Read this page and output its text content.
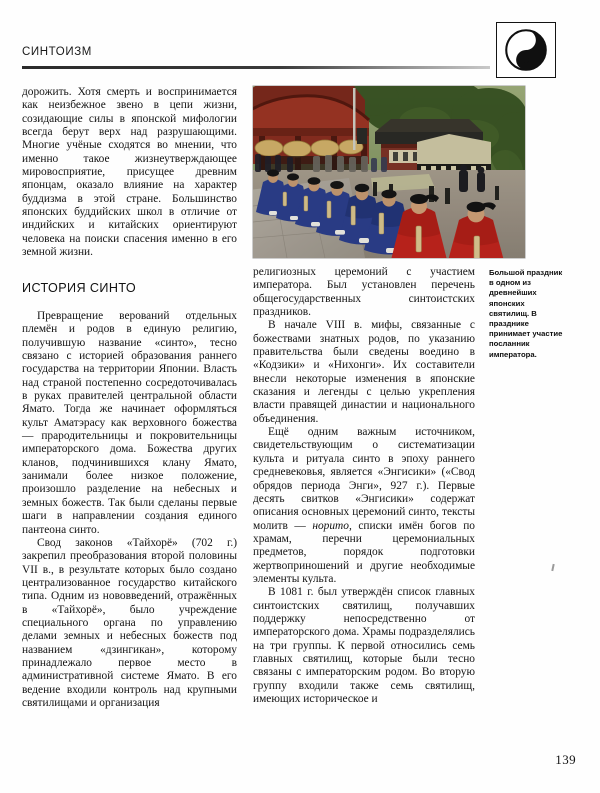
СИНТОИЗМ
Большой праздник в одном из древнейших японских святилищ. В празднике принимает участие посланник императора.

дорожить. Хотя смерть и воспринимается как неизбежное звено в цепи жизни, созидающие силы в японской мифологии всегда берут верх над разрушающими. Многие учёные сходятся во мнении, что именно такое жизнеутверждающее мировосприятие, присущее древним японцам, оказало влияние на характер буддизма в этой стране. Большинство японских буддийских школ в отличие от индийских и китайских ориентируют человека на поиски спасения именно в его земной жизни.

ИСТОРИЯ СИНТО

Превращение верований отдельных племён и родов в единую религию, получившую название «синто», тесно связано с историей образования раннего государства на территории Японии. Власть над страной постепенно сосредоточивалась в руках правителей центральной области Ямато. Тогда же начинает оформляться культ Аматэрасу как верховного божества — прародительницы и покровительницы императорского дома. Божества других кланов, подчинившихся клану Ямато, занимали более низкое положение, произошло разделение на небесных и земных божеств. Так были сделаны первые шаги в направлении создания единого пантеона синто.

Свод законов «Тайхорё» (702 г.) закрепил преобразования второй половины VII в., в результате которых было создано централизованное государство китайского типа. Одним из нововведений, отражённых в «Тайхорё», было учреждение специального органа по управлению делами земных и небесных божеств под названием «дзингикан», которому принадлежало первое место в административной системе Ямато. В его ведение входили контроль над крупными святилищами и организация

религиозных церемоний с участием императора. Был установлен перечень общегосударственных синтоистских праздников.

В начале VIII в. мифы, связанные с божествами знатных родов, по указанию правительства были сведены воедино в «Кодзики» и «Нихонги». Их составители внесли некоторые изменения в японские сказания и легенды с целью укрепления власти правящей династии и национального объединения.

Ещё одним важным источником, свидетельствующим о систематизации культа и ритуала синто в эпоху раннего средневековья, является «Энгисики» («Свод обрядов периода Энги», 927 г.). Первые десять свитков «Энгисики» содержат описания основных церемоний синто, тексты молитв — норито, списки имён богов по храмам, перечни церемониальных предметов, порядок подготовки жертвоприношений и другие необходимые элементы культа.

В 1081 г. был утверждён список главных синтоистских святилищ, получавших поддержку непосредственно от императорского дома. Храмы подразделялись на три группы. К первой относились семь главных святилищ, которые были тесно связаны с императорским родом. Во вторую группу входили также семь святилищ, имеющих историческое и

139
